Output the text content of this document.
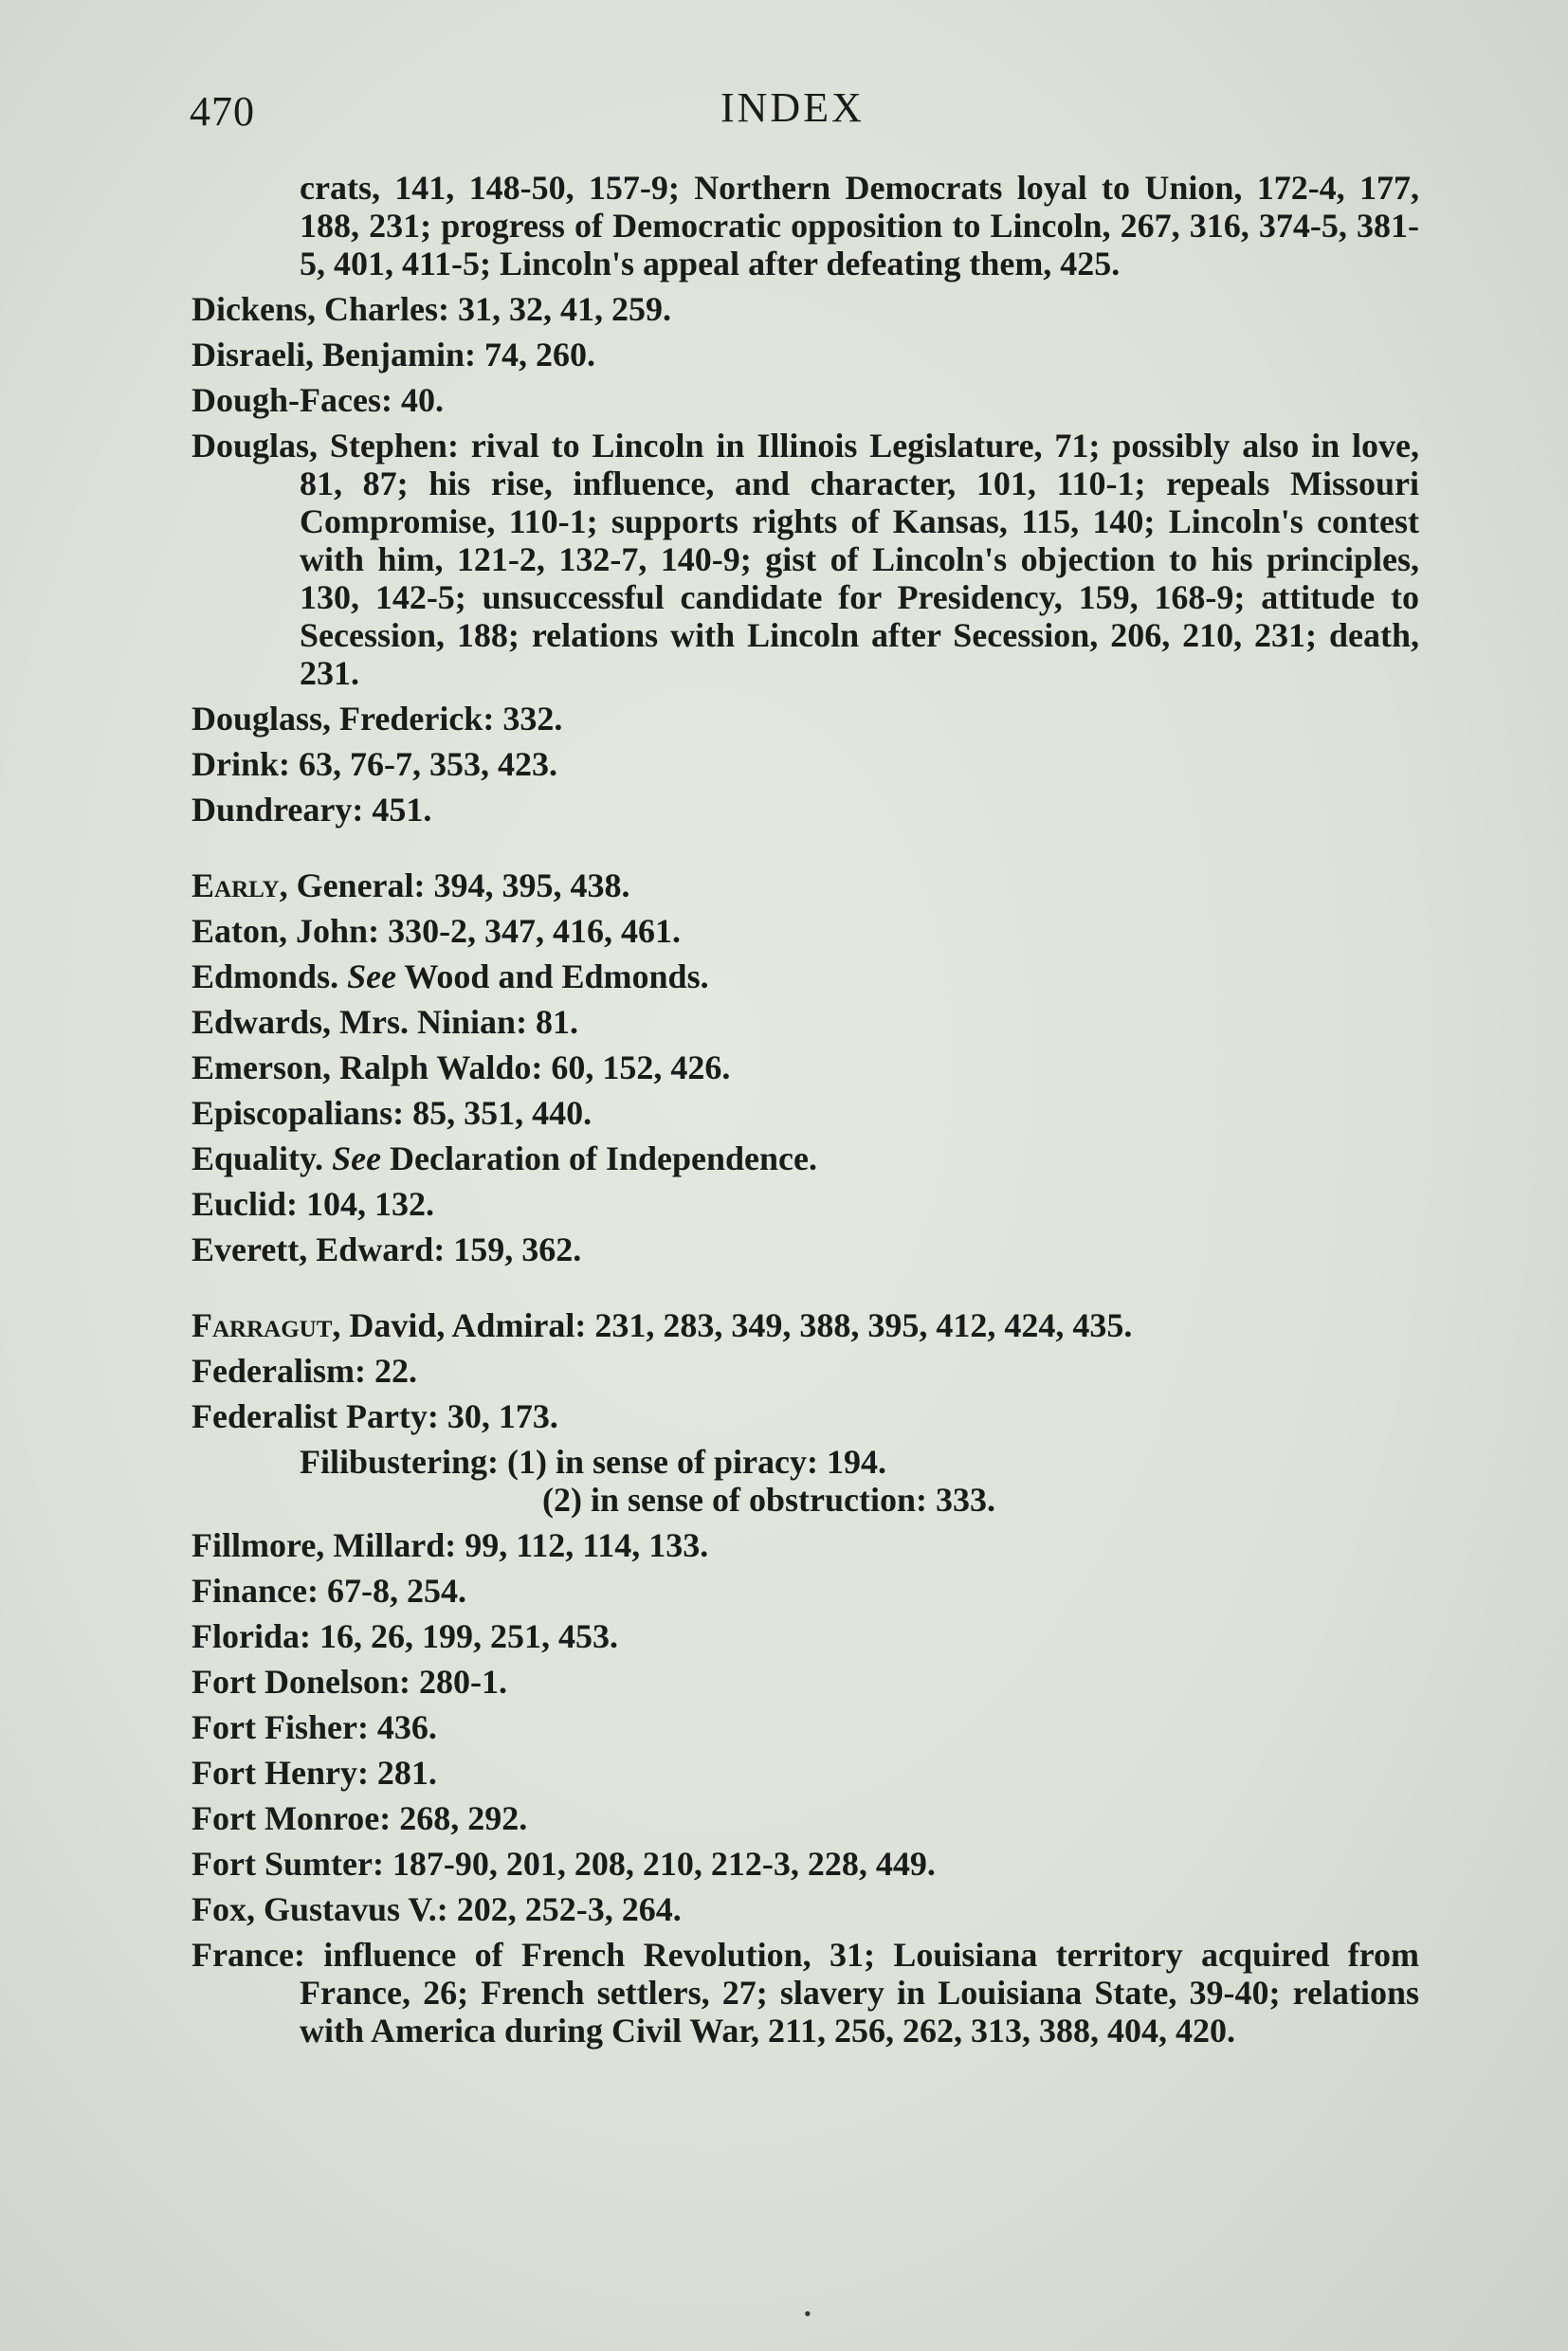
470	INDEX

crats, 141, 148-50, 157-9; Northern Democrats loyal to Union, 172-4, 177, 188, 231; progress of Democratic opposition to Lincoln, 267, 316, 374-5, 381-5, 401, 411-5; Lincoln's appeal after defeating them, 425.

Dickens, Charles: 31, 32, 41, 259.

Disraeli, Benjamin: 74, 260.

Dough-Faces: 40.

Douglas, Stephen: rival to Lincoln in Illinois Legislature, 71; possibly also in love, 81, 87; his rise, influence, and character, 101, 110-1; repeals Missouri Compromise, 110-1; supports rights of Kansas, 115, 140; Lincoln's contest with him, 121-2, 132-7, 140-9; gist of Lincoln's objection to his principles, 130, 142-5; unsuccessful candidate for Presidency, 159, 168-9; attitude to Secession, 188; relations with Lincoln after Secession, 206, 210, 231; death, 231.

Douglass, Frederick: 332.

Drink: 63, 76-7, 353, 423.

Dundreary: 451.

Early, General: 394, 395, 438.

Eaton, John: 330-2, 347, 416, 461.

Edmonds. See Wood and Edmonds.

Edwards, Mrs. Ninian: 81.

Emerson, Ralph Waldo: 60, 152, 426.

Episcopalians: 85, 351, 440.

Equality. See Declaration of Independence.

Euclid: 104, 132.

Everett, Edward: 159, 362.

Farragut, David, Admiral: 231, 283, 349, 388, 395, 412, 424, 435.

Federalism: 22.

Federalist Party: 30, 173.

Filibustering: (1) in sense of piracy: 194.
(2) in sense of obstruction: 333.

Fillmore, Millard: 99, 112, 114, 133.

Finance: 67-8, 254.

Florida: 16, 26, 199, 251, 453.

Fort Donelson: 280-1.

Fort Fisher: 436.

Fort Henry: 281.

Fort Monroe: 268, 292.

Fort Sumter: 187-90, 201, 208, 210, 212-3, 228, 449.

Fox, Gustavus V.: 202, 252-3, 264.

France: influence of French Revolution, 31; Louisiana territory acquired from France, 26; French settlers, 27; slavery in Louisiana State, 39-40; relations with America during Civil War, 211, 256, 262, 313, 388, 404, 420.

•
